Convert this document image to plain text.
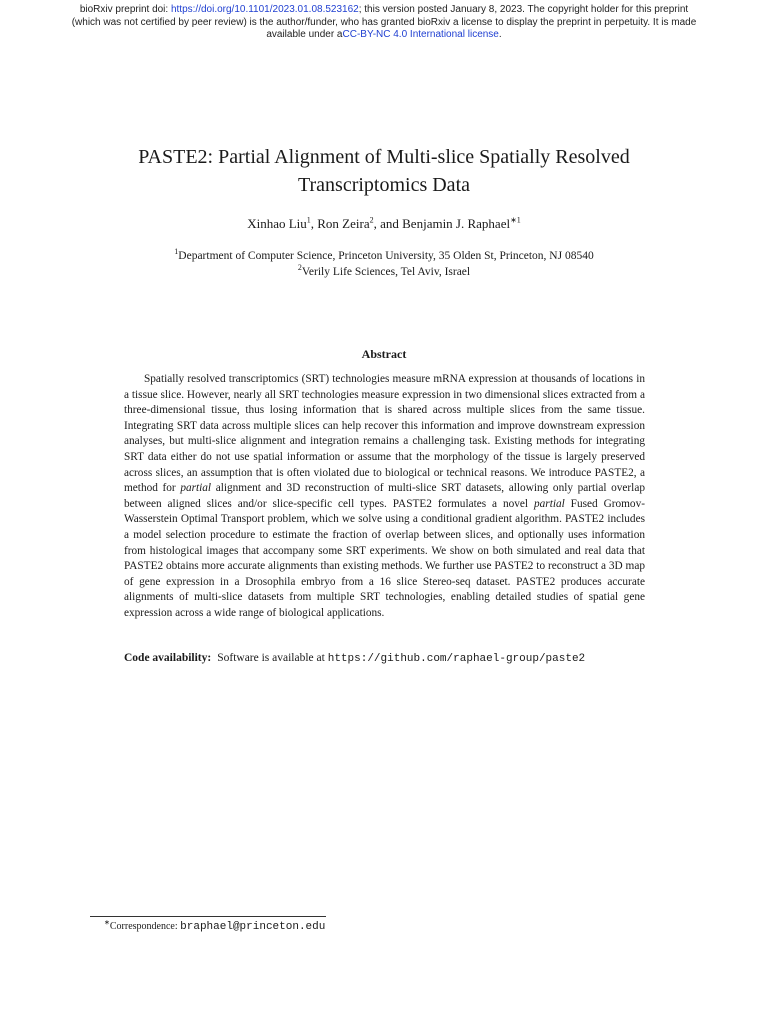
bioRxiv preprint doi: https://doi.org/10.1101/2023.01.08.523162; this version posted January 8, 2023. The copyright holder for this preprint
(which was not certified by peer review) is the author/funder, who has granted bioRxiv a license to display the preprint in perpetuity. It is made
available under aCC-BY-NC 4.0 International license.
PASTE2: Partial Alignment of Multi-slice Spatially Resolved
Transcriptomics Data
Xinhao Liu$^1$, Ron Zeira$^2$, and Benjamin J. Raphael$^{∗1}$
$^1$Department of Computer Science, Princeton University, 35 Olden St, Princeton, NJ 08540
$^2$Verily Life Sciences, Tel Aviv, Israel
Abstract
Spatially resolved transcriptomics (SRT) technologies measure mRNA expression at thousands of locations in a tissue slice. However, nearly all SRT technologies measure expression in two dimensional slices extracted from a three-dimensional tissue, thus losing information that is shared across multiple slices from the same tissue. Integrating SRT data across multiple slices can help recover this information and improve downstream expression analyses, but multi-slice alignment and integration remains a challenging task. Existing methods for integrating SRT data either do not use spatial information or assume that the morphology of the tissue is largely preserved across slices, an assumption that is often violated due to biological or technical reasons. We introduce PASTE2, a method for partial alignment and 3D reconstruction of multi-slice SRT datasets, allowing only partial overlap between aligned slices and/or slice-specific cell types. PASTE2 formulates a novel partial Fused Gromov-Wasserstein Optimal Transport problem, which we solve using a conditional gradient algorithm. PASTE2 includes a model selection procedure to estimate the fraction of overlap between slices, and optionally uses information from histological images that accompany some SRT experiments. We show on both simulated and real data that PASTE2 obtains more accurate alignments than existing methods. We further use PASTE2 to reconstruct a 3D map of gene expression in a Drosophila embryo from a 16 slice Stereo-seq dataset. PASTE2 produces accurate alignments of multi-slice datasets from multiple SRT technologies, enabling detailed studies of spatial gene expression across a wide range of biological applications.
Code availability: Software is available at https://github.com/raphael-group/paste2
∗Correspondence: braphael@princeton.edu
